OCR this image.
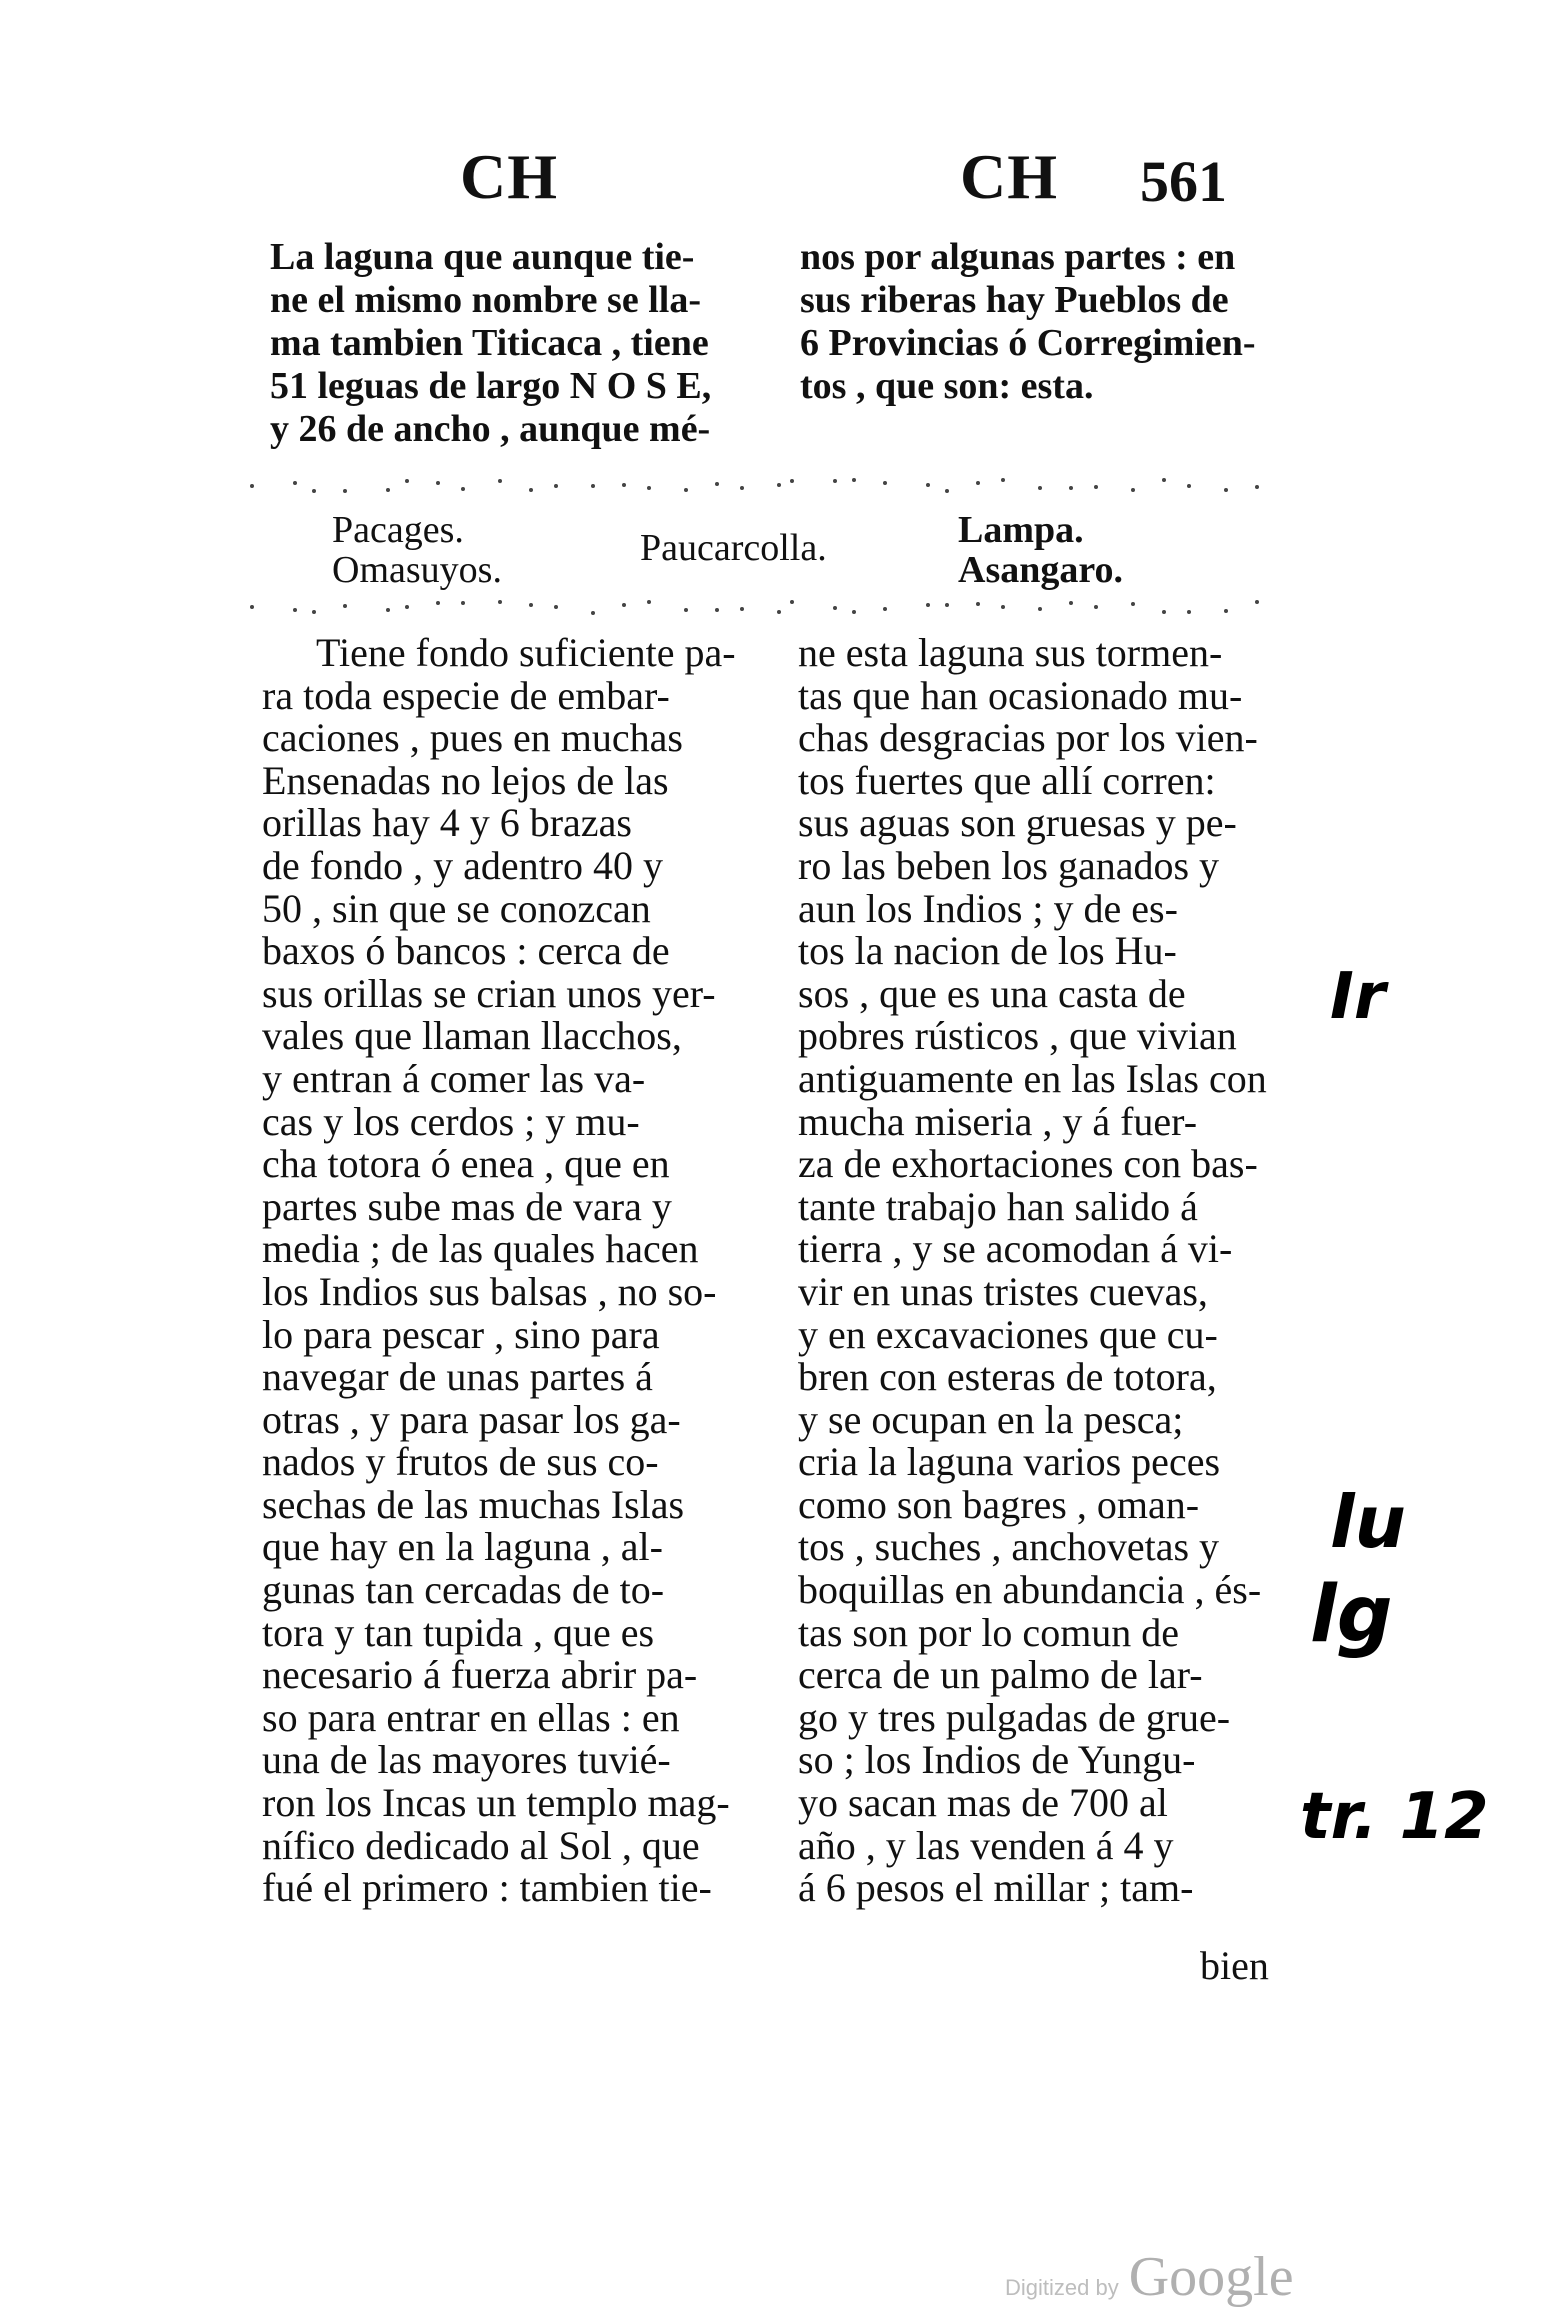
CH	CH 561
La laguna que aunque tie-
ne el mismo nombre se lla-
ma tambien Titicaca , tiene
51 leguas de largo N O S E,
y 26 de ancho , aunque mé-
nos por algunas partes : en
sus riberas hay Pueblos de
6 Provincias ó Corregimien-
tos , que son: esta.
Pacages.
Omasuyos.
Paucarcolla.	Lampa.
Asangaro.
Tiene fondo suficiente pa-
ra toda especie de embar-
caciones , pues en muchas
Ensenadas no lejos de las
orillas hay 4 y 6 brazas
de fondo , y adentro 40 y
50 , sin que se conozcan
baxos ó bancos : cerca de
sus orillas se crian unos yer-
vales que llaman llacchos,
y entran á comer las va-
cas y los cerdos ; y mu-
cha totora ó enea , que en
partes sube mas de vara y
media ; de las quales hacen
los Indios sus balsas , no so-
lo para pescar , sino para
navegar de unas partes á
otras , y para pasar los ga-
nados y frutos de sus co-
sechas de las muchas Islas
que hay en la laguna , al-
gunas tan cercadas de to-
tora y tan tupida , que es
necesario á fuerza abrir pa-
so para entrar en ellas : en
una de las mayores tuvié-
ron los Incas un templo mag-
nífico dedicado al Sol , que
fué el primero : tambien tie-
ne esta laguna sus tormen-
tas que han ocasionado mu-
chas desgracias por los vien-
tos fuertes que allí corren:
sus aguas son gruesas y pe-
ro las beben los ganados y
aun los Indios ; y de es-
tos la nacion de los Hu-
sos , que es una casta de
pobres rústicos , que vivian
antiguamente en las Islas con
mucha miseria , y á fuer-
za de exhortaciones con bas-
tante trabajo han salido á
tierra , y se acomodan á vi-
vir en unas tristes cuevas,
y en excavaciones que cu-
bren con esteras de totora,
y se ocupan en la pesca;
cria la laguna varios peces
como son bagres , oman-
tos , suches , anchovetas y
boquillas en abundancia , és-
tas son por lo comun de
cerca de un palmo de lar-
go y tres pulgadas de grue-
so ; los Indios de Yungu-
yo sacan mas de 700 al
año , y las venden á 4 y
á 6 pesos el millar ; tam-
bien
Ir
lu
lg
tr. 12
Digitized by Google
